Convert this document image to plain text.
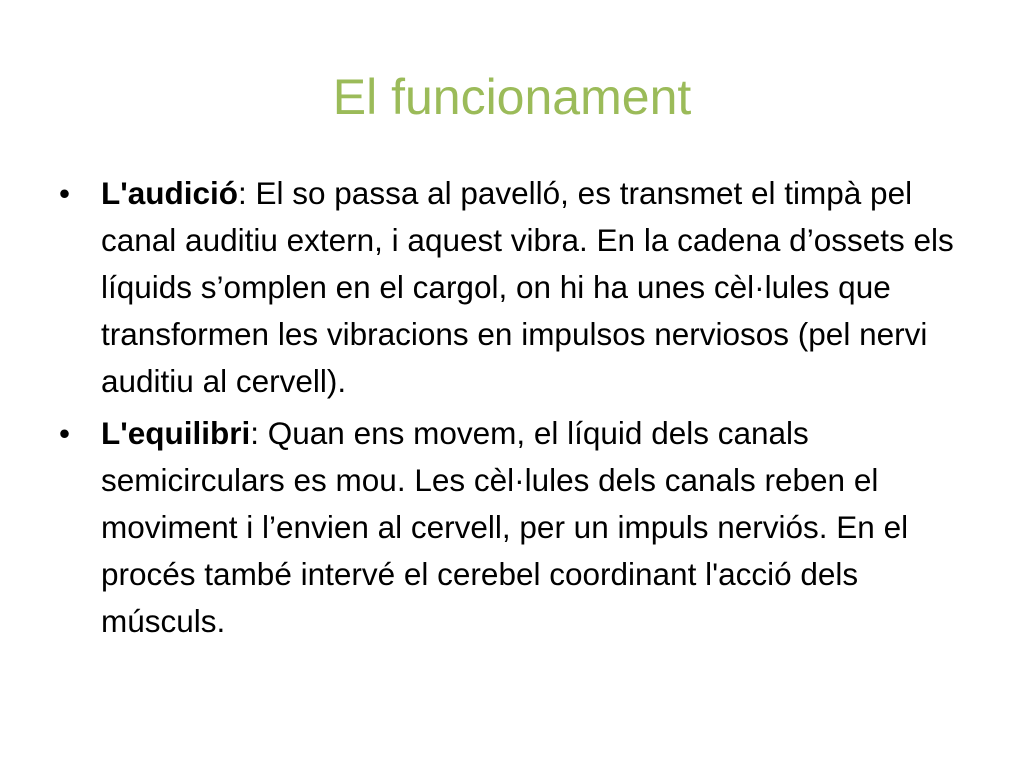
El funcionament
• L'audició: El so passa al pavelló, es transmet el timpà pel canal auditiu extern, i aquest vibra. En la cadena d’ossets els líquids s’omplen en el cargol, on hi ha unes cèl·lules que transformen les vibracions en impulsos nerviosos (pel nervi auditiu al cervell).
• L'equilibri: Quan ens movem, el líquid dels canals semicirculars es mou. Les cèl·lules dels canals reben el moviment i l’envien al cervell, per un impuls nerviós. En el procés també intervé el cerebel coordinant l'acció dels músculs.
